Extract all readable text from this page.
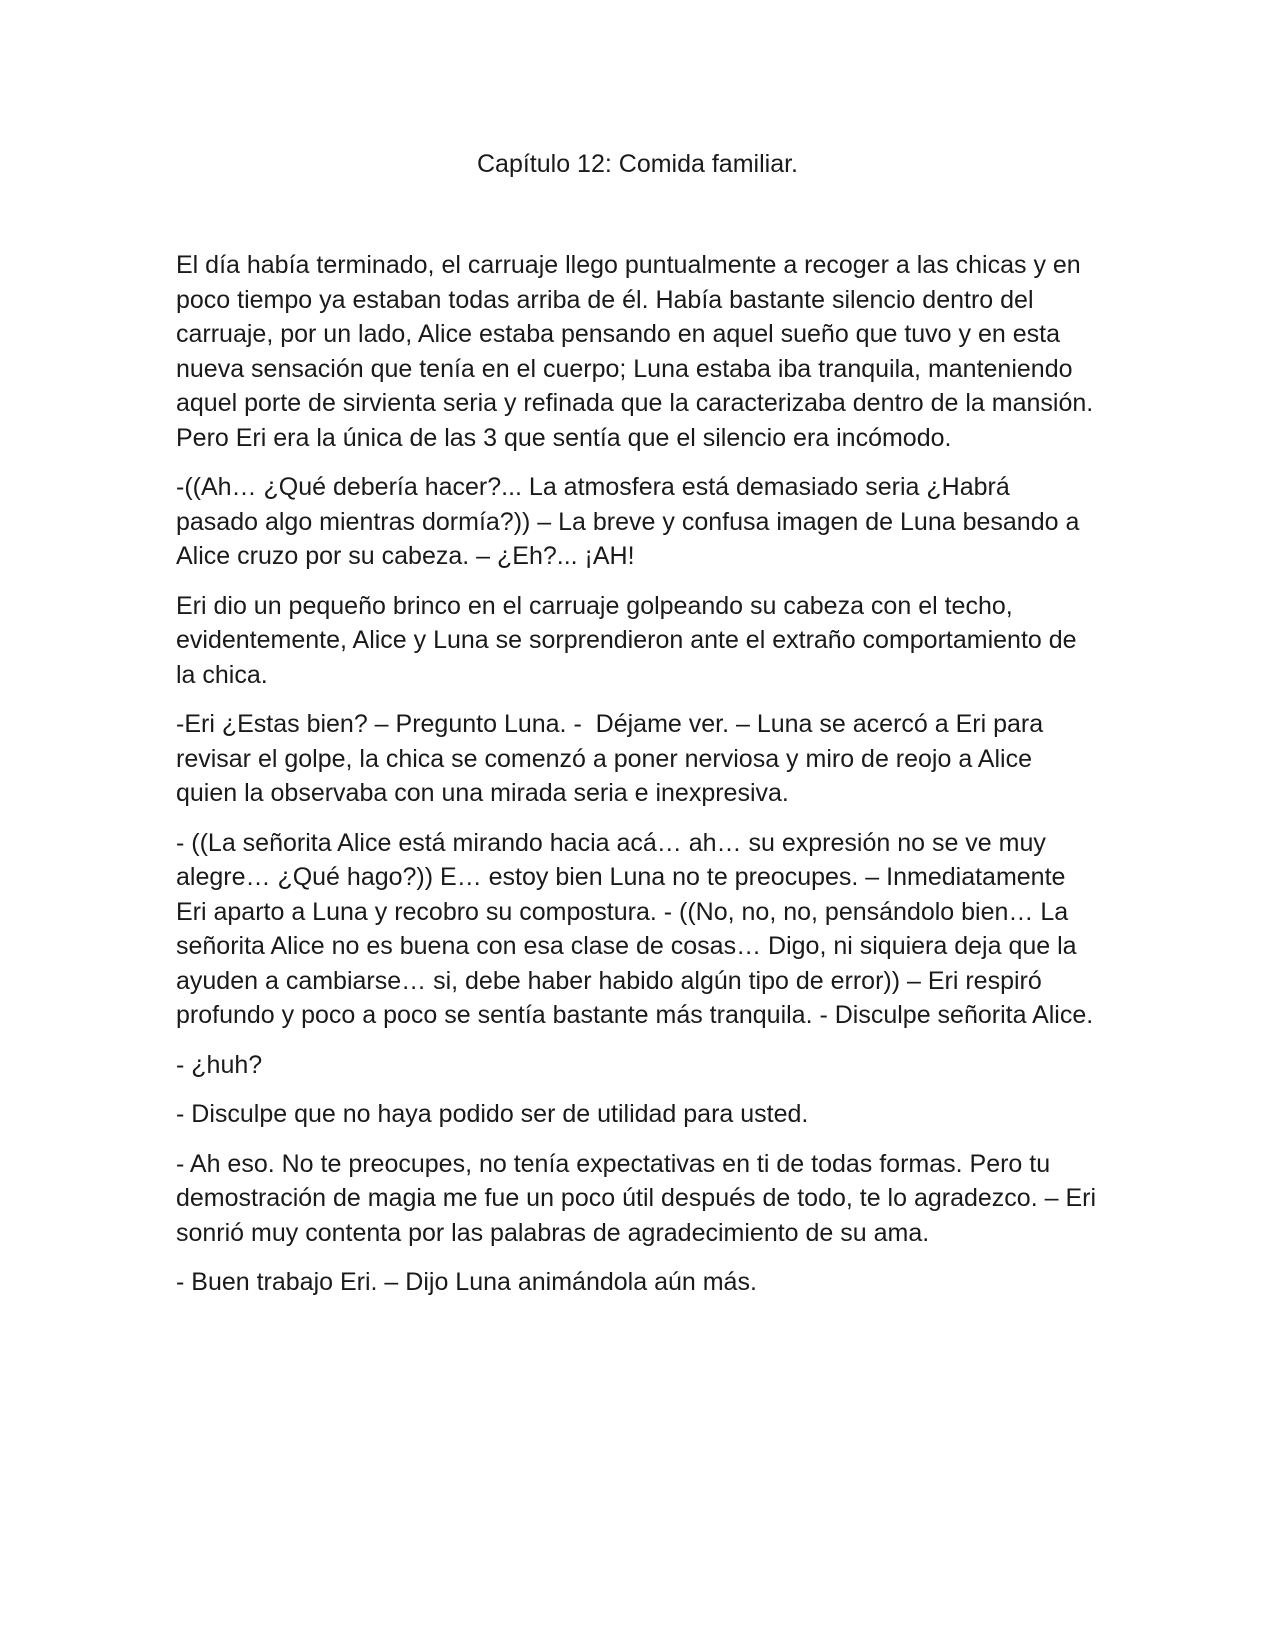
Capítulo 12: Comida familiar.

El día había terminado, el carruaje llego puntualmente a recoger a las chicas y en poco tiempo ya estaban todas arriba de él. Había bastante silencio dentro del carruaje, por un lado, Alice estaba pensando en aquel sueño que tuvo y en esta nueva sensación que tenía en el cuerpo; Luna estaba iba tranquila, manteniendo aquel porte de sirvienta seria y refinada que la caracterizaba dentro de la mansión. Pero Eri era la única de las 3 que sentía que el silencio era incómodo.

-((Ah… ¿Qué debería hacer?... La atmosfera está demasiado seria ¿Habrá pasado algo mientras dormía?)) – La breve y confusa imagen de Luna besando a Alice cruzo por su cabeza. – ¿Eh?... ¡AH!

Eri dio un pequeño brinco en el carruaje golpeando su cabeza con el techo, evidentemente, Alice y Luna se sorprendieron ante el extraño comportamiento de la chica.

-Eri ¿Estas bien? – Pregunto Luna. -  Déjame ver. – Luna se acercó a Eri para revisar el golpe, la chica se comenzó a poner nerviosa y miro de reojo a Alice quien la observaba con una mirada seria e inexpresiva.

- ((La señorita Alice está mirando hacia acá… ah… su expresión no se ve muy alegre… ¿Qué hago?)) E… estoy bien Luna no te preocupes. – Inmediatamente Eri aparto a Luna y recobro su compostura. - ((No, no, no, pensándolo bien… La señorita Alice no es buena con esa clase de cosas… Digo, ni siquiera deja que la ayuden a cambiarse… si, debe haber habido algún tipo de error)) – Eri respiró profundo y poco a poco se sentía bastante más tranquila. - Disculpe señorita Alice.

- ¿huh?

- Disculpe que no haya podido ser de utilidad para usted.

- Ah eso. No te preocupes, no tenía expectativas en ti de todas formas. Pero tu demostración de magia me fue un poco útil después de todo, te lo agradezco. – Eri sonrió muy contenta por las palabras de agradecimiento de su ama.

- Buen trabajo Eri. – Dijo Luna animándola aún más.
